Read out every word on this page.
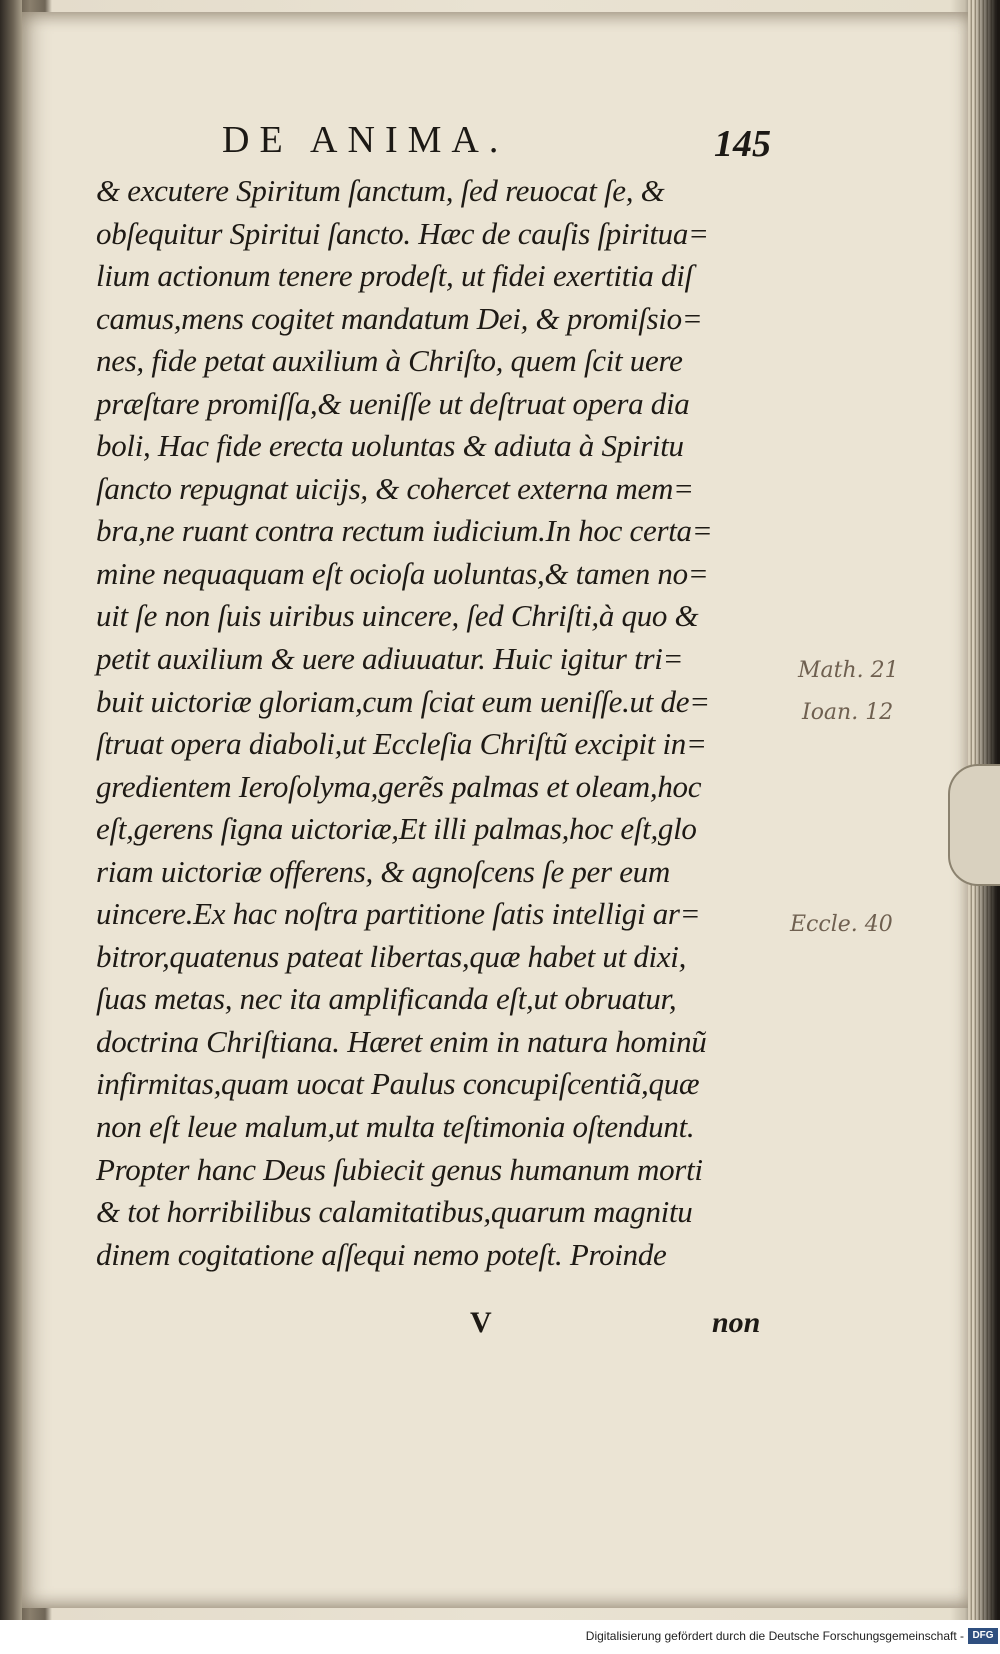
DE ANIMA.	145
& excutere Spiritum ſanctum, ſed reuocat ſe, &
obſequitur Spiritui ſancto. Hæc de cauſis ſpiritua=
lium actionum tenere prodeſt, ut fidei exertitia diſ
camus,mens cogitet mandatum Dei, & promiſsio=
nes, fide petat auxilium à Chriſto, quem ſcit uere
præſtare promiſſa,& ueniſſe ut deſtruat opera dia
boli, Hac fide erecta uoluntas & adiuta à Spiritu
ſancto repugnat uicijs, & cohercet externa mem=
bra,ne ruant contra rectum iudicium.In hoc certa=
mine nequaquam eſt ocioſa uoluntas,& tamen no=
uit ſe non ſuis uiribus uincere, ſed Chriſti,à quo &
petit auxilium & uere adiuuatur. Huic igitur tri=
buit uictoriæ gloriam,cum ſciat eum ueniſſe.ut de=
ſtruat opera diaboli,ut Eccleſia Chriſtũ excipit in=
gredientem Ieroſolyma,gerẽs palmas et oleam,hoc
eſt,gerens ſigna uictoriæ,Et illi palmas,hoc eſt,glo
riam uictoriæ offerens, & agnoſcens ſe per eum
uincere.Ex hac noſtra partitione ſatis intelligi ar=
bitror,quatenus pateat libertas,quæ habet ut dixi,
ſuas metas, nec ita amplificanda eſt,ut obruatur,
doctrina Chriſtiana. Hæret enim in natura hominũ
infirmitas,quam uocat Paulus concupiſcentiã,quæ
non eſt leue malum,ut multa teſtimonia oſtendunt.
Propter hanc Deus ſubiecit genus humanum morti
& tot horribilibus calamitatibus,quarum magnitu
dinem cogitatione aſſequi nemo poteſt. Proinde
Math. 21
Ioan. 12
Eccle. 40
V	non
Digitalisierung gefördert durch die Deutsche Forschungsgemeinschaft - DFG
